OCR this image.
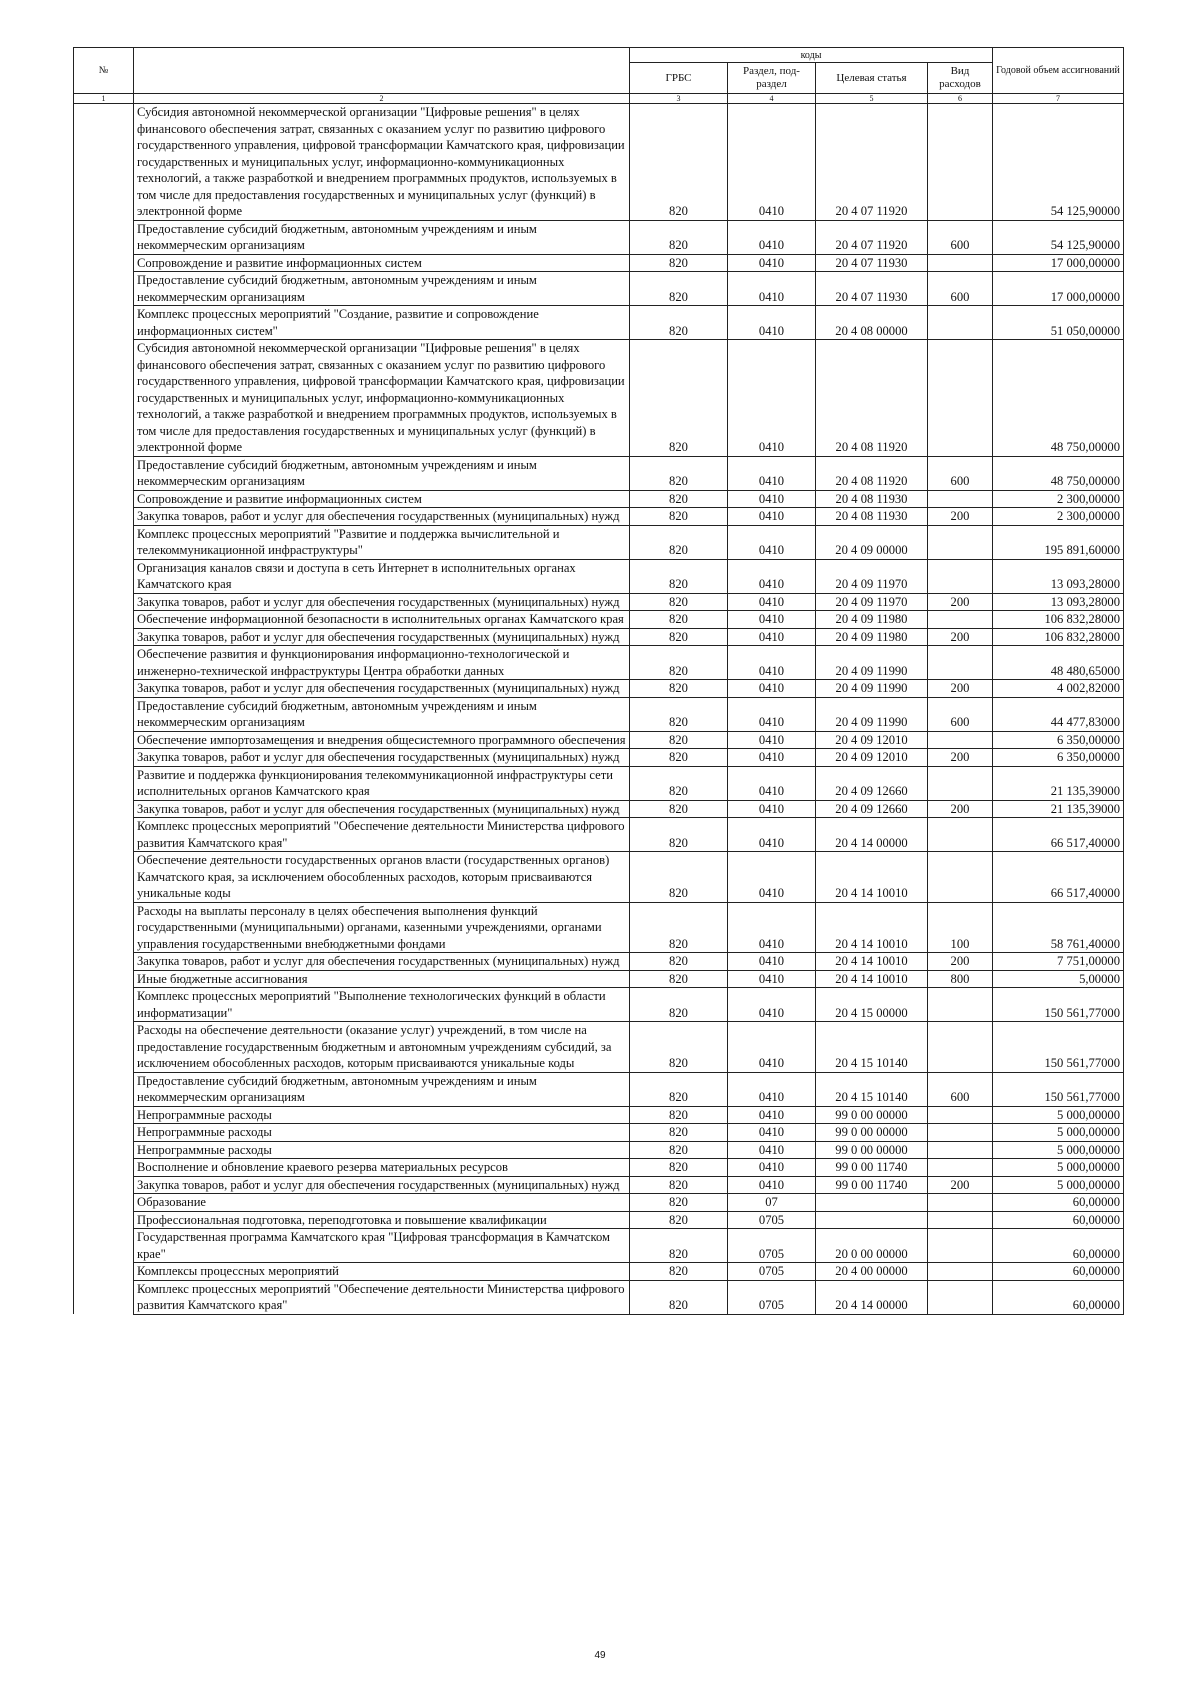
№		коды				Годовой объем ассигнований
		ГРБС	Раздел, под-раздел	Целевая статья	Вид расходов	
1	2	3	4	5	6	7
	Субсидия автономной некоммерческой организации "Цифровые решения" в целях финансового обеспечения затрат, связанных с оказанием услуг по развитию цифрового государственного управления, цифровой трансформации Камчатского края, цифровизации государственных и муниципальных услуг, информационно-коммуникационных технологий, а также разработкой и внедрением программных продуктов, используемых в том числе для предоставления государственных и муниципальных услуг (функций) в электронной форме	820	0410	20 4 07 11920		54 125,90000
	Предоставление субсидий бюджетным, автономным учреждениям и иным некоммерческим организациям	820	0410	20 4 07 11920	600	54 125,90000
	Сопровождение и развитие информационных систем	820	0410	20 4 07 11930		17 000,00000
	Предоставление субсидий бюджетным, автономным учреждениям и иным некоммерческим организациям	820	0410	20 4 07 11930	600	17 000,00000
	Комплекс процессных мероприятий "Создание, развитие и сопровождение информационных систем"	820	0410	20 4 08 00000		51 050,00000
	Субсидия автономной некоммерческой организации "Цифровые решения" в целях финансового обеспечения затрат, связанных с оказанием услуг по развитию цифрового государственного управления, цифровой трансформации Камчатского края, цифровизации государственных и муниципальных услуг, информационно-коммуникационных технологий, а также разработкой и внедрением программных продуктов, используемых в том числе для предоставления государственных и муниципальных услуг (функций) в электронной форме	820	0410	20 4 08 11920		48 750,00000
	Предоставление субсидий бюджетным, автономным учреждениям и иным некоммерческим организациям	820	0410	20 4 08 11920	600	48 750,00000
	Сопровождение и развитие информационных систем	820	0410	20 4 08 11930		2 300,00000
	Закупка товаров, работ и услуг для обеспечения государственных (муниципальных) нужд	820	0410	20 4 08 11930	200	2 300,00000
	Комплекс процессных мероприятий "Развитие и поддержка вычислительной и телекоммуникационной инфраструктуры"	820	0410	20 4 09 00000		195 891,60000
	Организация каналов связи и доступа в сеть Интернет в исполнительных органах Камчатского края	820	0410	20 4 09 11970		13 093,28000
	Закупка товаров, работ и услуг для обеспечения государственных (муниципальных) нужд	820	0410	20 4 09 11970	200	13 093,28000
	Обеспечение информационной безопасности в исполнительных органах Камчатского края	820	0410	20 4 09 11980		106 832,28000
	Закупка товаров, работ и услуг для обеспечения государственных (муниципальных) нужд	820	0410	20 4 09 11980	200	106 832,28000
	Обеспечение развития и функционирования информационно-технологической и инженерно-технической инфраструктуры Центра обработки данных	820	0410	20 4 09 11990		48 480,65000
	Закупка товаров, работ и услуг для обеспечения государственных (муниципальных) нужд	820	0410	20 4 09 11990	200	4 002,82000
	Предоставление субсидий бюджетным, автономным учреждениям и иным некоммерческим организациям	820	0410	20 4 09 11990	600	44 477,83000
	Обеспечение импортозамещения и внедрения общесистемного программного обеспечения	820	0410	20 4 09 12010		6 350,00000
	Закупка товаров, работ и услуг для обеспечения государственных (муниципальных) нужд	820	0410	20 4 09 12010	200	6 350,00000
	Развитие и поддержка функционирования телекоммуникационной инфраструктуры сети исполнительных органов Камчатского края	820	0410	20 4 09 12660		21 135,39000
	Закупка товаров, работ и услуг для обеспечения государственных (муниципальных) нужд	820	0410	20 4 09 12660	200	21 135,39000
	Комплекс процессных мероприятий "Обеспечение деятельности Министерства цифрового развития Камчатского края"	820	0410	20 4 14 00000		66 517,40000
	Обеспечение деятельности государственных органов власти (государственных органов) Камчатского края, за исключением обособленных расходов, которым присваиваются уникальные коды	820	0410	20 4 14 10010		66 517,40000
	Расходы на выплаты персоналу в целях обеспечения выполнения функций государственными (муниципальными) органами, казенными учреждениями, органами управления государственными внебюджетными фондами	820	0410	20 4 14 10010	100	58 761,40000
	Закупка товаров, работ и услуг для обеспечения государственных (муниципальных) нужд	820	0410	20 4 14 10010	200	7 751,00000
	Иные бюджетные ассигнования	820	0410	20 4 14 10010	800	5,00000
	Комплекс процессных мероприятий "Выполнение технологических функций в области информатизации"	820	0410	20 4 15 00000		150 561,77000
	Расходы на обеспечение деятельности (оказание услуг) учреждений, в том числе на предоставление государственным бюджетным и автономным учреждениям субсидий, за исключением обособленных расходов, которым присваиваются уникальные коды	820	0410	20 4 15 10140		150 561,77000
	Предоставление субсидий бюджетным, автономным учреждениям и иным некоммерческим организациям	820	0410	20 4 15 10140	600	150 561,77000
	Непрограммные расходы	820	0410	99 0 00 00000		5 000,00000
	Непрограммные расходы	820	0410	99 0 00 00000		5 000,00000
	Непрограммные расходы	820	0410	99 0 00 00000		5 000,00000
	Восполнение и обновление краевого резерва материальных ресурсов	820	0410	99 0 00 11740		5 000,00000
	Закупка товаров, работ и услуг для обеспечения государственных (муниципальных) нужд	820	0410	99 0 00 11740	200	5 000,00000
	Образование	820	07			60,00000
	Профессиональная подготовка, переподготовка и повышение квалификации	820	0705			60,00000
	Государственная программа Камчатского края "Цифровая трансформация в Камчатском крае"	820	0705	20 0 00 00000		60,00000
	Комплексы процессных мероприятий	820	0705	20 4 00 00000		60,00000
	Комплекс процессных мероприятий "Обеспечение деятельности Министерства цифрового развития Камчатского края"	820	0705	20 4 14 00000		60,00000
49
